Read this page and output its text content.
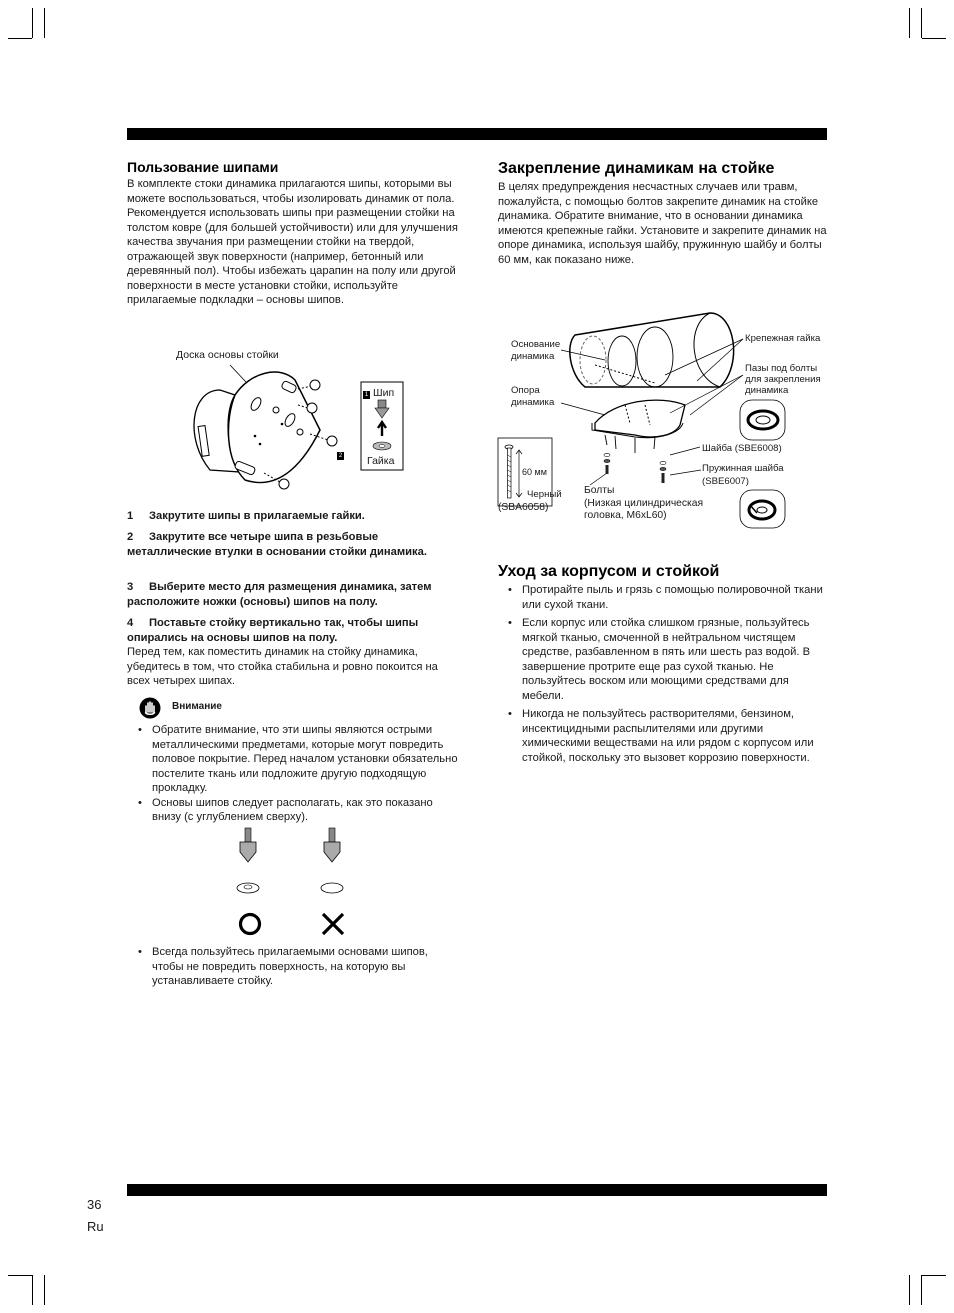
Пользование шипами

В комплекте стоки динамика прилагаются шипы, которыми вы можете воспользоваться, чтобы изолировать динамик от пола. Рекомендуется использовать шипы при размещении стойки на толстом ковре (для большей устойчивости) или для улучшения качества звучания при размещении стойки на твердой, отражающей звук поверхности (например, бетонный или деревянный пол). Чтобы избежать царапин на полу или другой поверхности в месте установки стойки, используйте прилагаемые подкладки – основы шипов.

Доска основы стойки
1
2
Шип
Гайка
1 Закрутите шипы в прилагаемые гайки.
2 Закрутите все четыре шипа в резьбовые металлические втулки в основании стойки динамика.
3 Выберите место для размещения динамика, затем расположите ножки (основы) шипов на полу.
4 Поставьте стойку вертикально так, чтобы шипы опирались на основы шипов на полу.

Перед тем, как поместить динамик на стойку динамика, убедитесь в том, что стойка стабильна и ровно покоится на всех четырех шипах.

Внимание
• Обратите внимание, что эти шипы являются острыми металлическими предметами, которые могут повредить половое покрытие. Перед началом установки обязательно постелите ткань или подложите другую подходящую прокладку.
• Основы шипов следует располагать, как это показано внизу (с углублением сверху).
• Всегда пользуйтесь прилагаемыми основами шипов, чтобы не повредить поверхность, на которую вы устанавливаете стойку.
Закрепление динамикам на стойке

В целях предупреждения несчастных случаев или травм, пожалуйста, с помощью болтов закрепите динамик на стойке динамика. Обратите внимание, что в основании динамика имеются крепежные гайки. Установите и закрепите динамик на опоре динамика, используя шайбу, пружинную шайбу и болты 60 мм, как показано ниже.

Основание
динамика
Опора
динамика
Крепежная гайка
Пазы под болты
для закрепления
динамика
Шайба (SBE6008)
Пружинная шайба
(SBE6007)
60 мм
Черный
(SBA6058)
Болты
(Низкая цилиндрическая
головка, M6xL60)
Уход за корпусом и стойкой
• Протирайте пыль и грязь с помощью полировочной ткани или сухой ткани.
• Если корпус или стойка слишком грязные, пользуйтесь мягкой тканью, смоченной в нейтральном чистящем средстве, разбавленном в пять или шесть раз водой. В завершение протрите еще раз сухой тканью. Не пользуйтесь воском или моющими средствами для мебели.
• Никогда не пользуйтесь растворителями, бензином, инсектицидными распылителями или другими химическими веществами на или рядом с корпусом или стойкой, поскольку это вызовет коррозию поверхности.
36
Ru
